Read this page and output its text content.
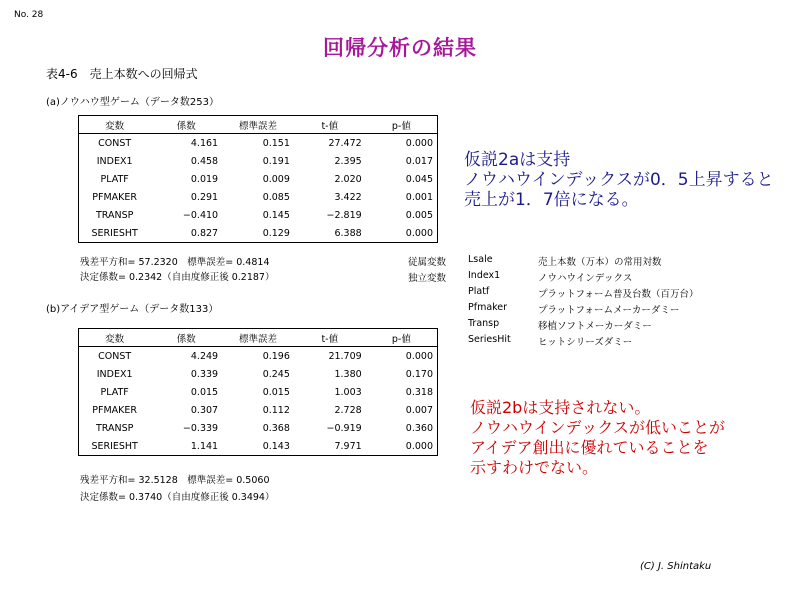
No. 28
回帰分析の結果
表4-6　売上本数への回帰式
(a)ノウハウ型ゲーム（データ数253）
変数	係数	標準誤差	t-値	p-値
CONST	4.161	0.151	27.472	0.000
INDEX1	0.458	0.191	2.395	0.017
PLATF	0.019	0.009	2.020	0.045
PFMAKER	0.291	0.085	3.422	0.001
TRANSP	−0.410	0.145	−2.819	0.005
SERIESHT	0.827	0.129	6.388	0.000
残差平方和= 57.2320　標準誤差= 0.4814
決定係数= 0.2342（自由度修正後 0.2187）
(b)アイデア型ゲーム（データ数133）
変数	係数	標準誤差	t-値	p-値
CONST	4.249	0.196	21.709	0.000
INDEX1	0.339	0.245	1.380	0.170
PLATF	0.015	0.015	1.003	0.318
PFMAKER	0.307	0.112	2.728	0.007
TRANSP	−0.339	0.368	−0.919	0.360
SERIESHT	1.141	0.143	7.971	0.000
残差平方和= 32.5128　標準誤差= 0.5060
決定係数= 0.3740（自由度修正後 0.3494）
仮説2aは支持
ノウハウインデックスが0．5上昇すると
売上が1．7倍になる。
従属変数	Lsale	売上本数（万本）の常用対数
独立変数	Index1	ノウハウインデックス
	Platf	プラットフォーム普及台数（百万台）
	Pfmaker	プラットフォームメーカーダミー
	Transp	移植ソフトメーカーダミー
	SeriesHit	ヒットシリーズダミー
仮説2bは支持されない。
ノウハウインデックスが低いことが
アイデア創出に優れていることを
示すわけでない。
(C) J. Shintaku
